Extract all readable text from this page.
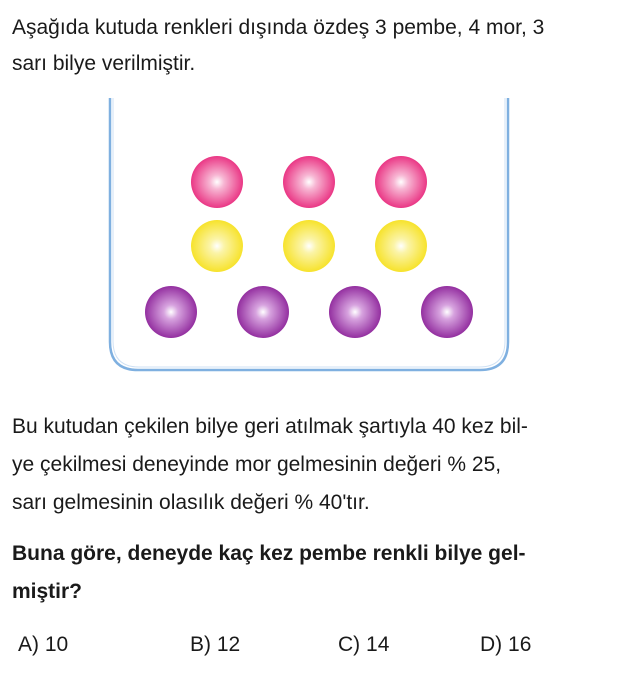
Aşağıda kutuda renkleri dışında özdeş 3 pembe, 4 mor, 3
sarı bilye verilmiştir.

Bu kutudan çekilen bilye geri atılmak şartıyla 40 kez bil-
ye çekilmesi deneyinde mor gelmesinin değeri % 25,
sarı gelmesinin olasılık değeri % 40'tır.

Buna göre, deneyde kaç kez pembe renkli bilye gel-
miştir?

A) 10	B) 12	C) 14	D) 16
